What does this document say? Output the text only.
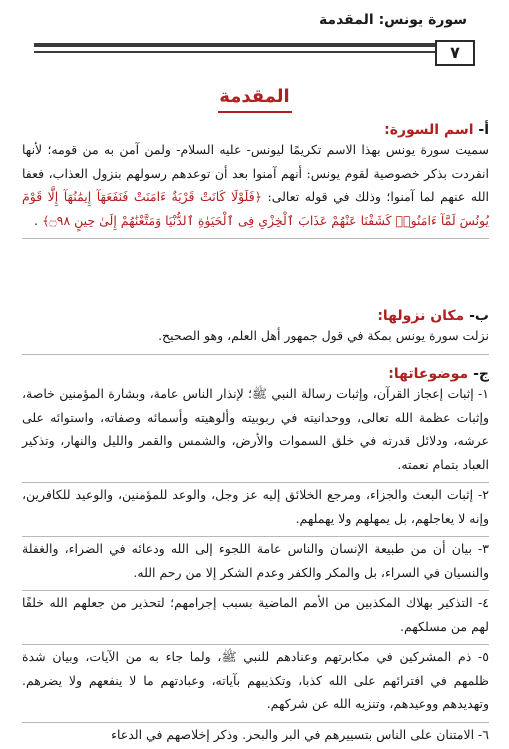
سورة يونس: المقدمة
٧
المقدمة
أ- اسم السورة:

سميت سورة يونس بهذا الاسم تكريمًا ليونس- عليه السلام- ولمن آمن به من قومه؛ لأنها انفردت بذكر خصوصية لقوم يونس: أنهم آمنوا بعد أن توعدهم رسولهم بنزول العذاب، فعفا الله عنهم لما آمنوا؛ وذلك في قوله تعالى: ﴿فَلَوْلَا كَانَتْ قَرْيَةٌ ءَامَنَتْ فَنَفَعَهَآ إِيمَٰنُهَآ إِلَّا قَوْمَ يُونُسَ لَمَّآ ءَامَنُوا۟ كَشَفْنَا عَنْهُمْ عَذَابَ ٱلْخِزْىِ فِى ٱلْحَيَوٰةِ ٱلدُّنْيَا وَمَتَّعْنَٰهُمْ إِلَىٰ حِينٍ ۝٩٨﴾ .

ب- مكان نزولها:

نزلت سورة يونس بمكة في قول جمهور أهل العلم، وهو الصحيح.

ج- موضوعاتها:

١- إثبات إعجاز القرآن، وإثبات رسالة النبي ﷺ؛ لإنذار الناس عامة، وبشارة المؤمنين خاصة، وإثبات عظمة الله تعالى، ووحدانيته في ربوبيته وألوهيته وأسمائه وصفاته، واستوائه على عرشه، ودلائل قدرته في خلق السموات والأرض، والشمس والقمر والليل والنهار، وتذكير العباد بتمام نعمته.

٢- إثبات البعث والجزاء، ومرجع الخلائق إليه عز وجل، والوعد للمؤمنين، والوعيد للكافرين، وإنه لا يعاجلهم، بل يمهلهم ولا يهملهم.

٣- بيان أن من طبيعة الإنسان والناس عامة اللجوء إلى الله ودعائه في الضراء، والغفلة والنسيان في السراء، بل والمكر والكفر وعدم الشكر إلا من رحم الله.

٤- التذكير بهلاك المكذبين من الأمم الماضية بسبب إجرامهم؛ لتحذير من جعلهم الله خلفًا لهم من مسلكهم.

٥- ذم المشركين في مكابرتهم وعنادهم للنبي ﷺ، ولما جاء به من الآيات، وبيان شدة ظلمهم في افترائهم على الله كذبا، وتكذيبهم بآياته، وعبادتهم ما لا ينفعهم ولا يضرهم. وتهديدهم ووعيدهم، وتنزيه الله عن شركهم.

٦- الامتنان على الناس بتسييرهم في البر والبحر. وذكر إخلاصهم في الدعاء
